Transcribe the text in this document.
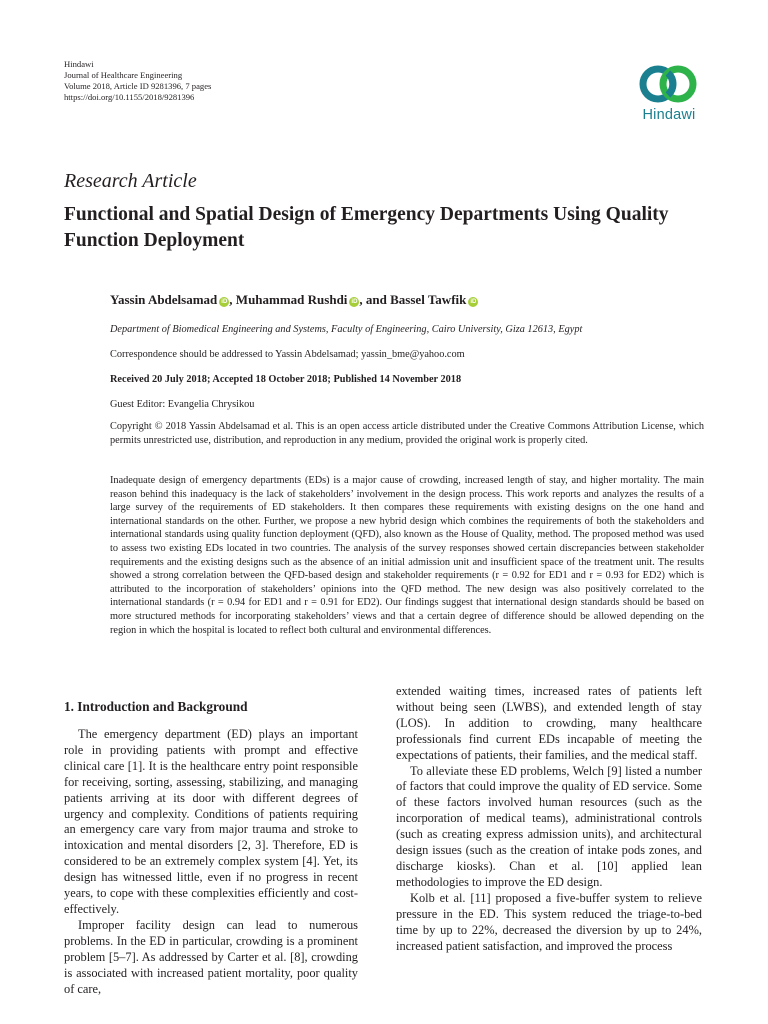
Hindawi
Journal of Healthcare Engineering
Volume 2018, Article ID 9281396, 7 pages
https://doi.org/10.1155/2018/9281396
Hindawi
Research Article
Functional and Spatial Design of Emergency Departments Using Quality Function Deployment
Yassin Abdelsamad iD , Muhammad Rushdi iD , and Bassel Tawfik iD
Department of Biomedical Engineering and Systems, Faculty of Engineering, Cairo University, Giza 12613, Egypt
Correspondence should be addressed to Yassin Abdelsamad; yassin_bme@yahoo.com
Received 20 July 2018; Accepted 18 October 2018; Published 14 November 2018
Guest Editor: Evangelia Chrysikou
Copyright © 2018 Yassin Abdelsamad et al. This is an open access article distributed under the Creative Commons Attribution License, which permits unrestricted use, distribution, and reproduction in any medium, provided the original work is properly cited.
Inadequate design of emergency departments (EDs) is a major cause of crowding, increased length of stay, and higher mortality. The main reason behind this inadequacy is the lack of stakeholders’ involvement in the design process. This work reports and analyzes the results of a large survey of the requirements of ED stakeholders. It then compares these requirements with existing designs on the one hand and international standards on the other. Further, we propose a new hybrid design which combines the requirements of both the stakeholders and international standards using quality function deployment (QFD), also known as the House of Quality, method. The proposed method was used to assess two existing EDs located in two countries. The analysis of the survey responses showed certain discrepancies between stakeholder requirements and the existing designs such as the absence of an initial admission unit and insufficient space of the treatment unit. The results showed a strong correlation between the QFD-based design and stakeholder requirements (r = 0.92 for ED1 and r = 0.93 for ED2) which is attributed to the incorporation of stakeholders’ opinions into the QFD method. The new design was also positively correlated to the international standards (r = 0.94 for ED1 and r = 0.91 for ED2). Our findings suggest that international design standards should be based on more structured methods for incorporating stakeholders’ views and that a certain degree of difference should be allowed depending on the region in which the hospital is located to reflect both cultural and environmental differences.
1. Introduction and Background

The emergency department (ED) plays an important role in providing patients with prompt and effective clinical care [1]. It is the healthcare entry point responsible for receiving, sorting, assessing, stabilizing, and managing patients arriving at its door with different degrees of urgency and complexity. Conditions of patients requiring an emergency care vary from major trauma and stroke to intoxication and mental disorders [2, 3]. Therefore, ED is considered to be an extremely complex system [4]. Yet, its design has witnessed little, even if no progress in recent years, to cope with these complexities efficiently and cost-effectively.

Improper facility design can lead to numerous problems. In the ED in particular, crowding is a prominent problem [5–7]. As addressed by Carter et al. [8], crowding is associated with increased patient mortality, poor quality of care,

extended waiting times, increased rates of patients left without being seen (LWBS), and extended length of stay (LOS). In addition to crowding, many healthcare professionals find current EDs incapable of meeting the expectations of patients, their families, and the medical staff.

To alleviate these ED problems, Welch [9] listed a number of factors that could improve the quality of ED service. Some of these factors involved human resources (such as the incorporation of medical teams), administrational controls (such as creating express admission units), and architectural design issues (such as the creation of intake pods zones, and discharge kiosks). Chan et al. [10] applied lean methodologies to improve the ED design.

Kolb et al. [11] proposed a five-buffer system to relieve pressure in the ED. This system reduced the triage-to-bed time by up to 22%, decreased the diversion by up to 24%, increased patient satisfaction, and improved the process
